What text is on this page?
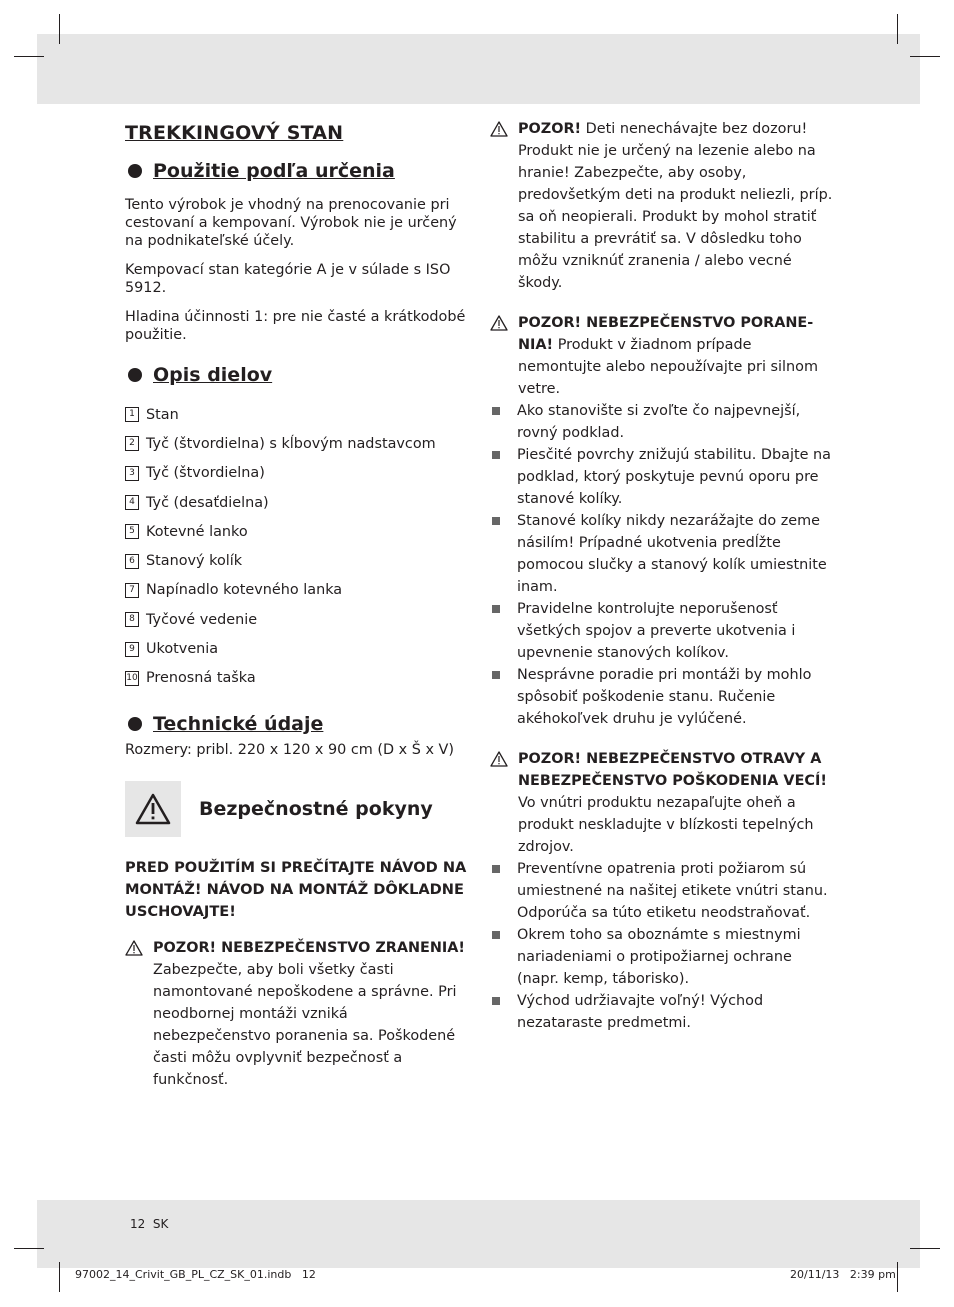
TREKKINGOVÝ STAN
Použitie podľa určenia

Tento výrobok je vhodný na prenocovanie pri cestovaní a kempovaní. Výrobok nie je určený na podnikateľské účely.

Kempovací stan kategórie A je v súlade s ISO 5912.

Hladina účinnosti 1: pre nie časté a krátkodobé použitie.

Opis dielov
1 Stan
2 Tyč (štvordielna) s kĺbovým nadstavcom
3 Tyč (štvordielna)
4 Tyč (desaťdielna)
5 Kotevné lanko
6 Stanový kolík
7 Napínadlo kotevného lanka
8 Tyčové vedenie
9 Ukotvenia
10 Prenosná taška
Technické údaje

Rozmery: pribl. 220 x 120 x 90 cm (D x Š x V)

Bezpečnostné pokyny
PRED POUŽITÍM SI PREČÍTAJTE NÁVOD NA MONTÁŽ! NÁVOD NA MONTÁŽ DÔKLADNE USCHOVAJTE!
POZOR! NEBEZPEČENSTVO ZRANENIA!
Zabezpečte, aby boli všetky časti namontované nepoškodene a správne. Pri neodbornej montáži vzniká nebezpečenstvo poranenia sa. Poškodené časti môžu ovplyvniť bezpečnosť a funkčnosť.
POZOR! Deti nenechávajte bez dozoru! Produkt nie je určený na lezenie alebo na hranie! Zabezpečte, aby osoby, predovšetkým deti na produkt neliezli, príp. sa oň neopierali. Produkt by mohol stratiť stabilitu a prevrátiť sa. V dôsledku toho môžu vzniknúť zranenia / alebo vecné škody.
POZOR! NEBEZPEČENSTVO PORANE-NIA! Produkt v žiadnom prípade nemontujte alebo nepoužívajte pri silnom vetre.
Ako stanovište si zvoľte čo najpevnejší, rovný podklad.
Piesčité povrchy znižujú stabilitu. Dbajte na podklad, ktorý poskytuje pevnú oporu pre stanové kolíky.
Stanové kolíky nikdy nezarážajte do zeme násilím! Prípadné ukotvenia predĺžte pomocou slučky a stanový kolík umiestnite inam.
Pravidelne kontrolujte neporušenosť všetkých spojov a preverte ukotvenia i upevnenie stanových kolíkov.
Nesprávne poradie pri montáži by mohlo spôsobiť poškodenie stanu. Ručenie akéhokoľvek druhu je vylúčené.
POZOR! NEBEZPEČENSTVO OTRAVY A NEBEZPEČENSTVO POŠKODENIA VECÍ!
Vo vnútri produktu nezapaľujte oheň a produkt neskladujte v blízkosti tepelných zdrojov.
Preventívne opatrenia proti požiarom sú umiestnené na našitej etikete vnútri stanu. Odporúča sa túto etiketu neodstraňovať.
Okrem toho sa oboznámte s miestnymi nariadeniami o protipožiarnej ochrane (napr. kemp, táborisko).
Východ udržiavajte voľný! Východ nezataraste predmetmi.
12  SK
97002_14_Crivit_GB_PL_CZ_SK_01.indb   12	20/11/13   2:39 pm
